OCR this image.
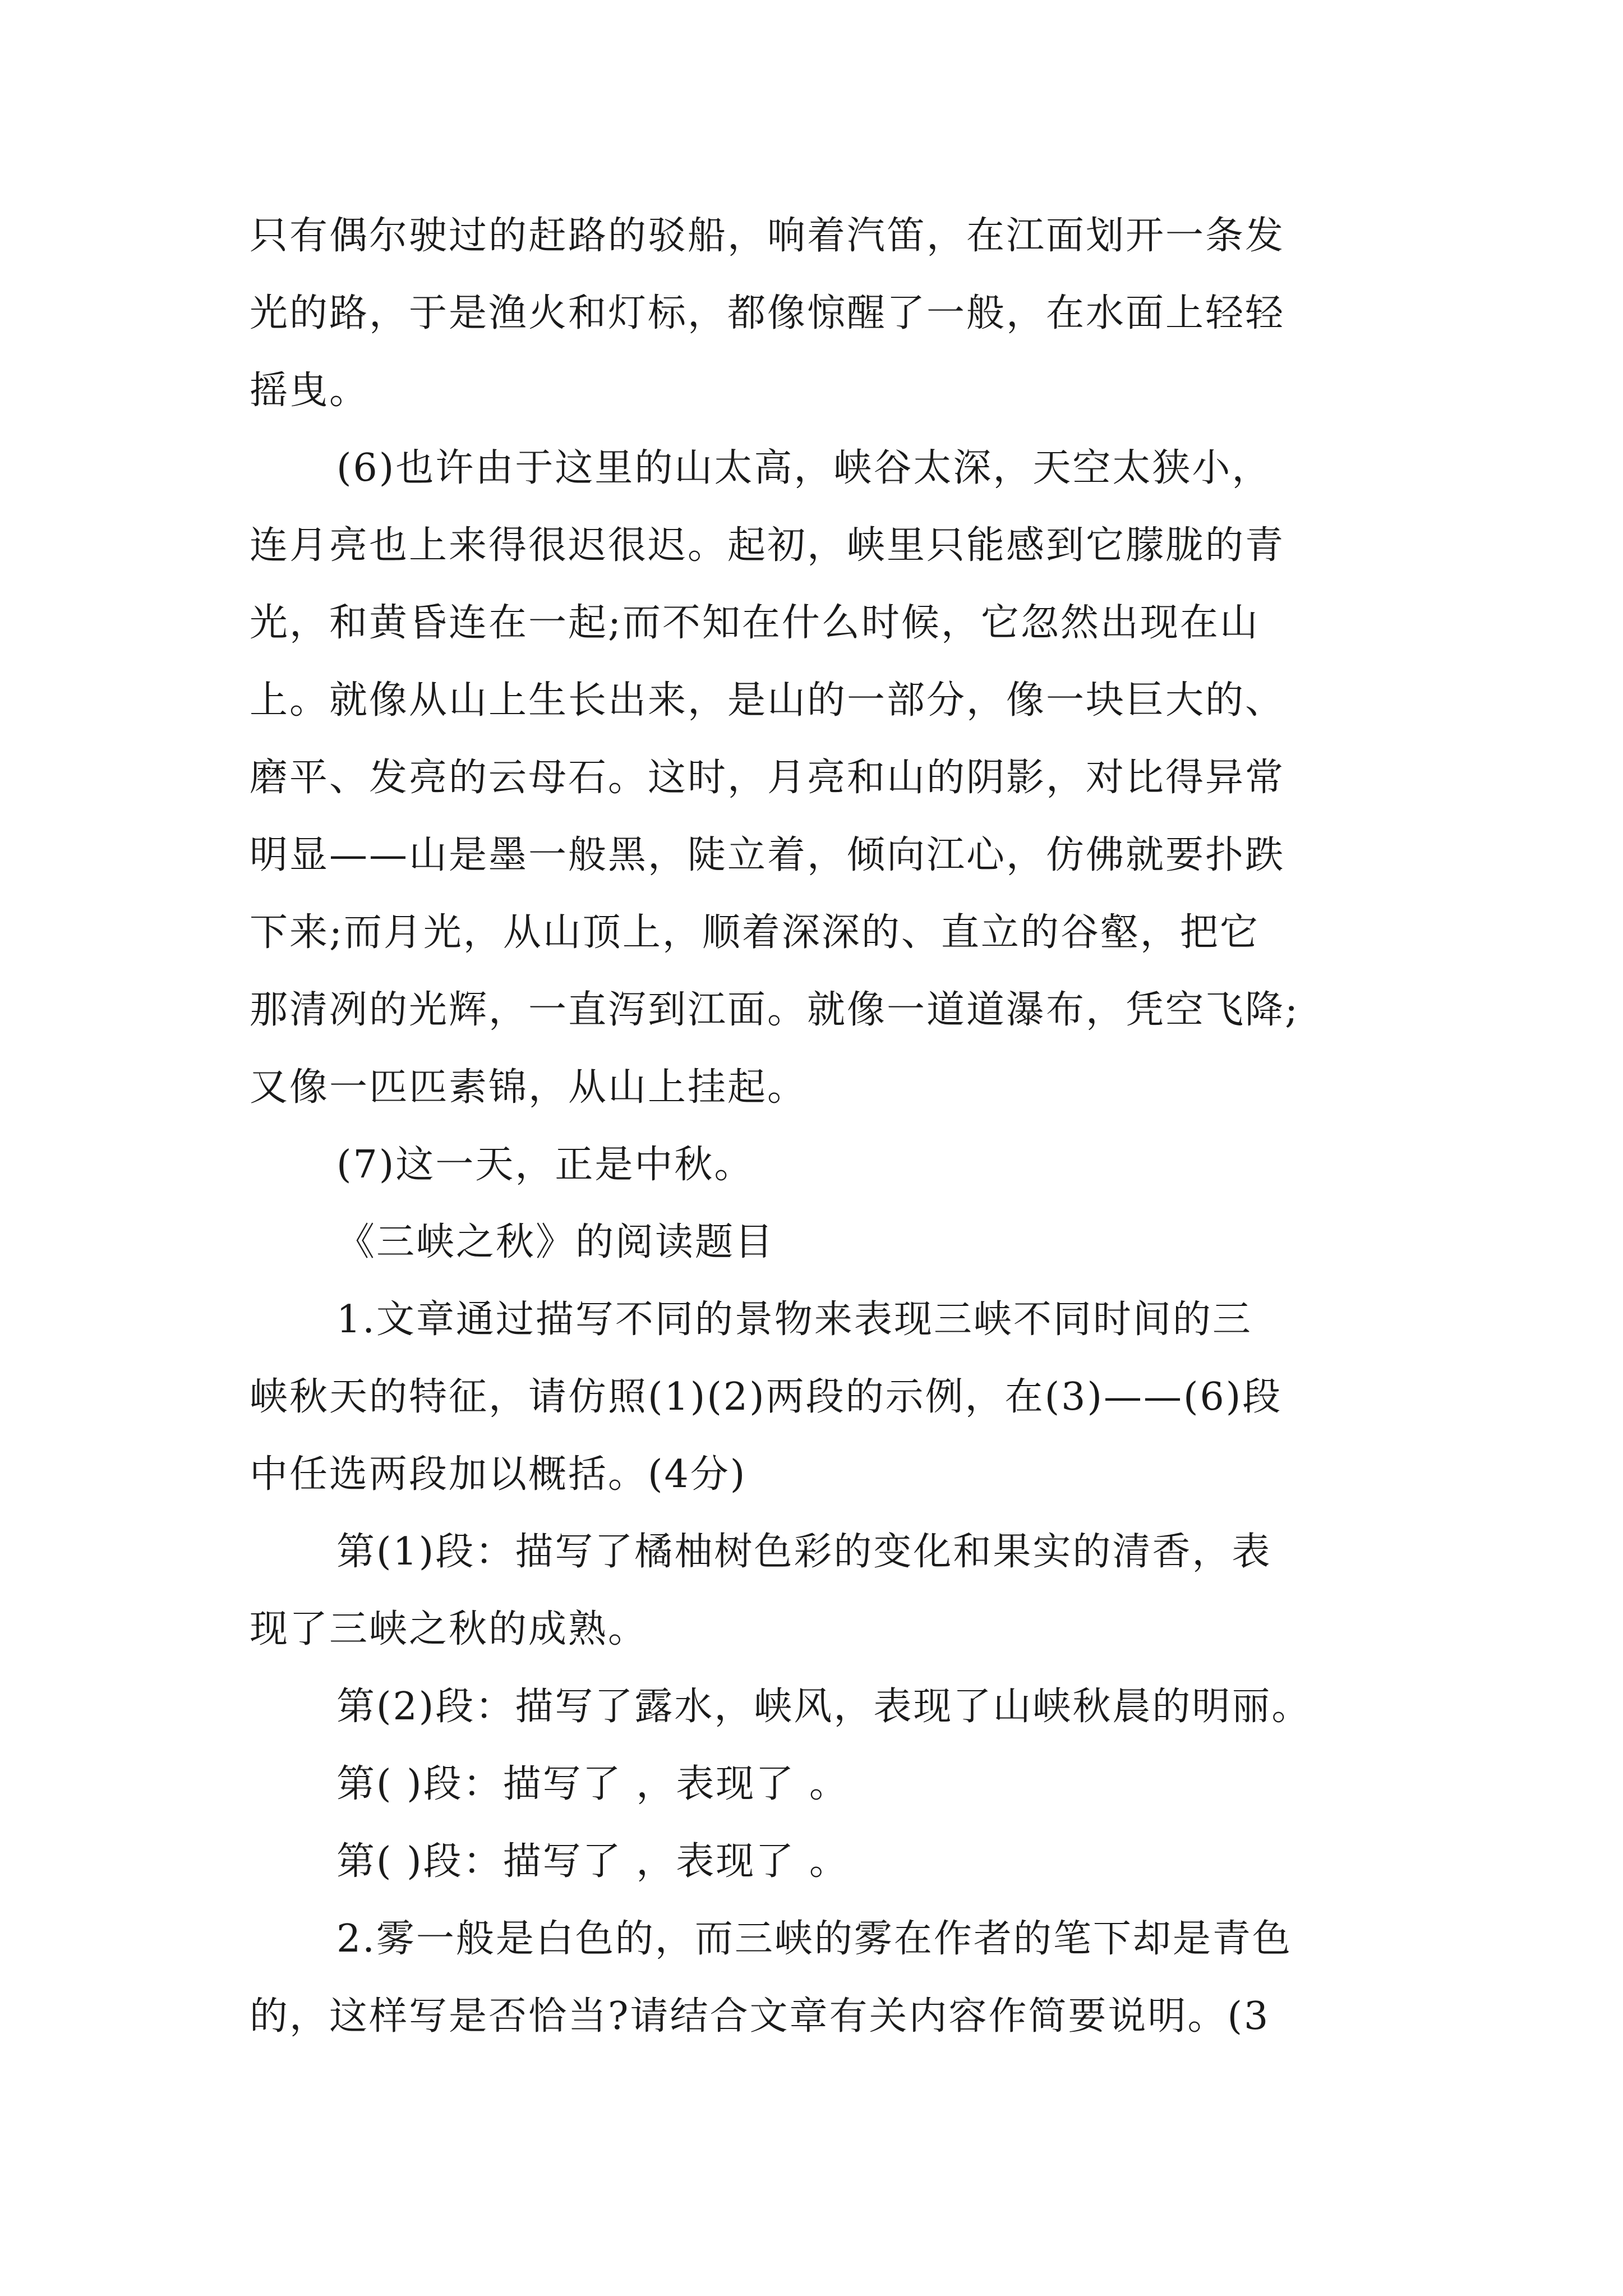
只有偶尔驶过的赶路的驳船，响着汽笛，在江面划开一条发
光的路，于是渔火和灯标，都像惊醒了一般，在水面上轻轻
摇曳。
(6)也许由于这里的山太高，峡谷太深，天空太狭小，
连月亮也上来得很迟很迟。起初，峡里只能感到它朦胧的青
光，和黄昏连在一起;而不知在什么时候，它忽然出现在山
上。就像从山上生长出来，是山的一部分，像一块巨大的、
磨平、发亮的云母石。这时，月亮和山的阴影，对比得异常
明显——山是墨一般黑，陡立着，倾向江心，仿佛就要扑跌
下来;而月光，从山顶上，顺着深深的、直立的谷壑，把它
那清冽的光辉，一直泻到江面。就像一道道瀑布，凭空飞降;
又像一匹匹素锦，从山上挂起。
(7)这一天，正是中秋。
《三峡之秋》的阅读题目
1.文章通过描写不同的景物来表现三峡不同时间的三
峡秋天的特征，请仿照(1)(2)两段的示例，在(3)——(6)段
中任选两段加以概括。(4分)
第(1)段：描写了橘柚树色彩的变化和果实的清香，表
现了三峡之秋的成熟。
第(2)段：描写了露水，峡风，表现了山峡秋晨的明丽。
第( )段：描写了 ，表现了 。
第( )段：描写了 ，表现了 。
2.雾一般是白色的，而三峡的雾在作者的笔下却是青色
的，这样写是否恰当?请结合文章有关内容作简要说明。(3
